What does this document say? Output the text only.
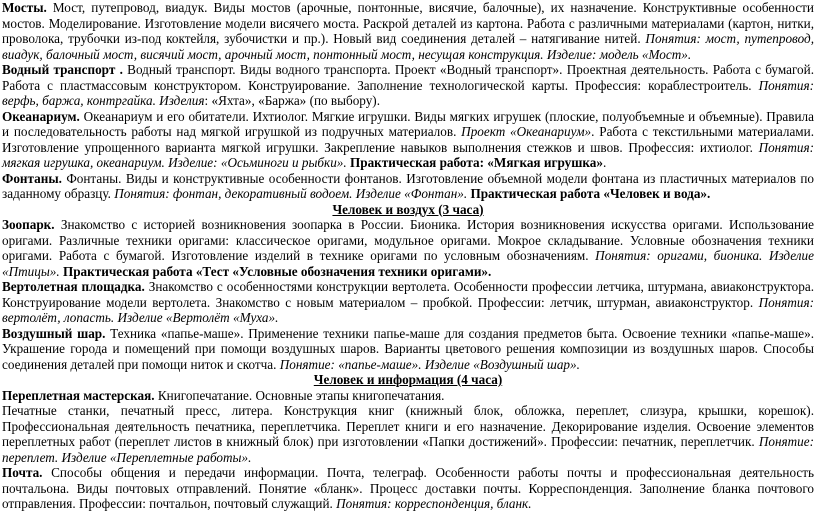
Мосты. Мост, путепровод, виадук. Виды мостов (арочные, понтонные, висячие, балочные), их назначение. Конструктивные особенности мостов. Моделирование. Изготовление модели висячего моста. Раскрой деталей из картона. Работа с различными материалами (картон, нитки, проволока, трубочки из-под коктейля, зубочистки и пр.). Новый вид соединения деталей – натягивание нитей. Понятия: мост, путепровод, виадук, балочный мост, висячий мост, арочный мост, понтонный мост, несущая конструкция. Изделие: модель «Мост».

Водный транспорт . Водный транспорт. Виды водного транспорта. Проект «Водный транспорт». Проектная деятельность. Работа с бумагой. Работа с пластмассовым конструктором. Конструирование. Заполнение технологической карты. Профессия: кораблестроитель. Понятия: верфь, баржа, контргайка. Изделия: «Яхта», «Баржа» (по выбору).

Океанариум. Океанариум и его обитатели. Ихтиолог. Мягкие игрушки. Виды мягких игрушек (плоские, полуобъемные и объемные). Правила и последовательность работы над мягкой игрушкой из подручных материалов. Проект «Океанариум». Работа с текстильными материалами. Изготовление упрощенного варианта мягкой игрушки. Закрепление навыков выполнения стежков и швов. Профессия: ихтиолог. Понятия: мягкая игрушка, океанариум. Изделие: «Осьминоги и рыбки». Практическая работа: «Мягкая игрушка».

Фонтаны. Фонтаны. Виды и конструктивные особенности фонтанов. Изготовление объемной модели фонтана из пластичных материалов по заданному образцу. Понятия: фонтан, декоративный водоем. Изделие «Фонтан». Практическая работа «Человек и вода».

Человек и воздух (3 часа)

Зоопарк. Знакомство с историей возникновения зоопарка в России. Бионика. История возникновения искусства оригами. Использование оригами. Различные техники оригами: классическое оригами, модульное оригами. Мокрое складывание. Условные обозначения техники оригами. Работа с бумагой. Изготовление изделий в технике оригами по условным обозначениям. Понятия: оригами, бионика. Изделие «Птицы». Практическая работа «Тест «Условные обозначения техники оригами».

Вертолетная площадка. Знакомство с особенностями конструкции вертолета. Особенности профессии летчика, штурмана, авиаконструктора. Конструирование модели вертолета. Знакомство с новым материалом – пробкой. Профессии: летчик, штурман, авиаконструктор. Понятия: вертолёт, лопасть. Изделие «Вертолёт «Муха».

Воздушный шар. Техника «папье-маше». Применение техники папье-маше для создания предметов быта. Освоение техники «папье-маше». Украшение города и помещений при помощи воздушных шаров. Варианты цветового решения композиции из воздушных шаров. Способы соединения деталей при помощи ниток и скотча. Понятие: «папье-маше». Изделие «Воздушный шар».

Человек и информация (4 часа)

Переплетная мастерская. Книгопечатание. Основные этапы книгопечатания.

Печатные станки, печатный пресс, литера. Конструкция книг (книжный блок, обложка, переплет, слизура, крышки, корешок). Профессиональная деятельность печатника, переплетчика. Переплет книги и его назначение. Декорирование изделия. Освоение элементов переплетных работ (переплет листов в книжный блок) при изготовлении «Папки достижений». Профессии: печатник, переплетчик. Понятие: переплет. Изделие «Переплетные работы».

Почта. Способы общения и передачи информации. Почта, телеграф. Особенности работы почты и профессиональная деятельность почтальона. Виды почтовых отправлений. Понятие «бланк». Процесс доставки почты. Корреспонденция. Заполнение бланка почтового отправления. Профессии: почтальон, почтовый служащий. Понятия: корреспонденция, бланк.
